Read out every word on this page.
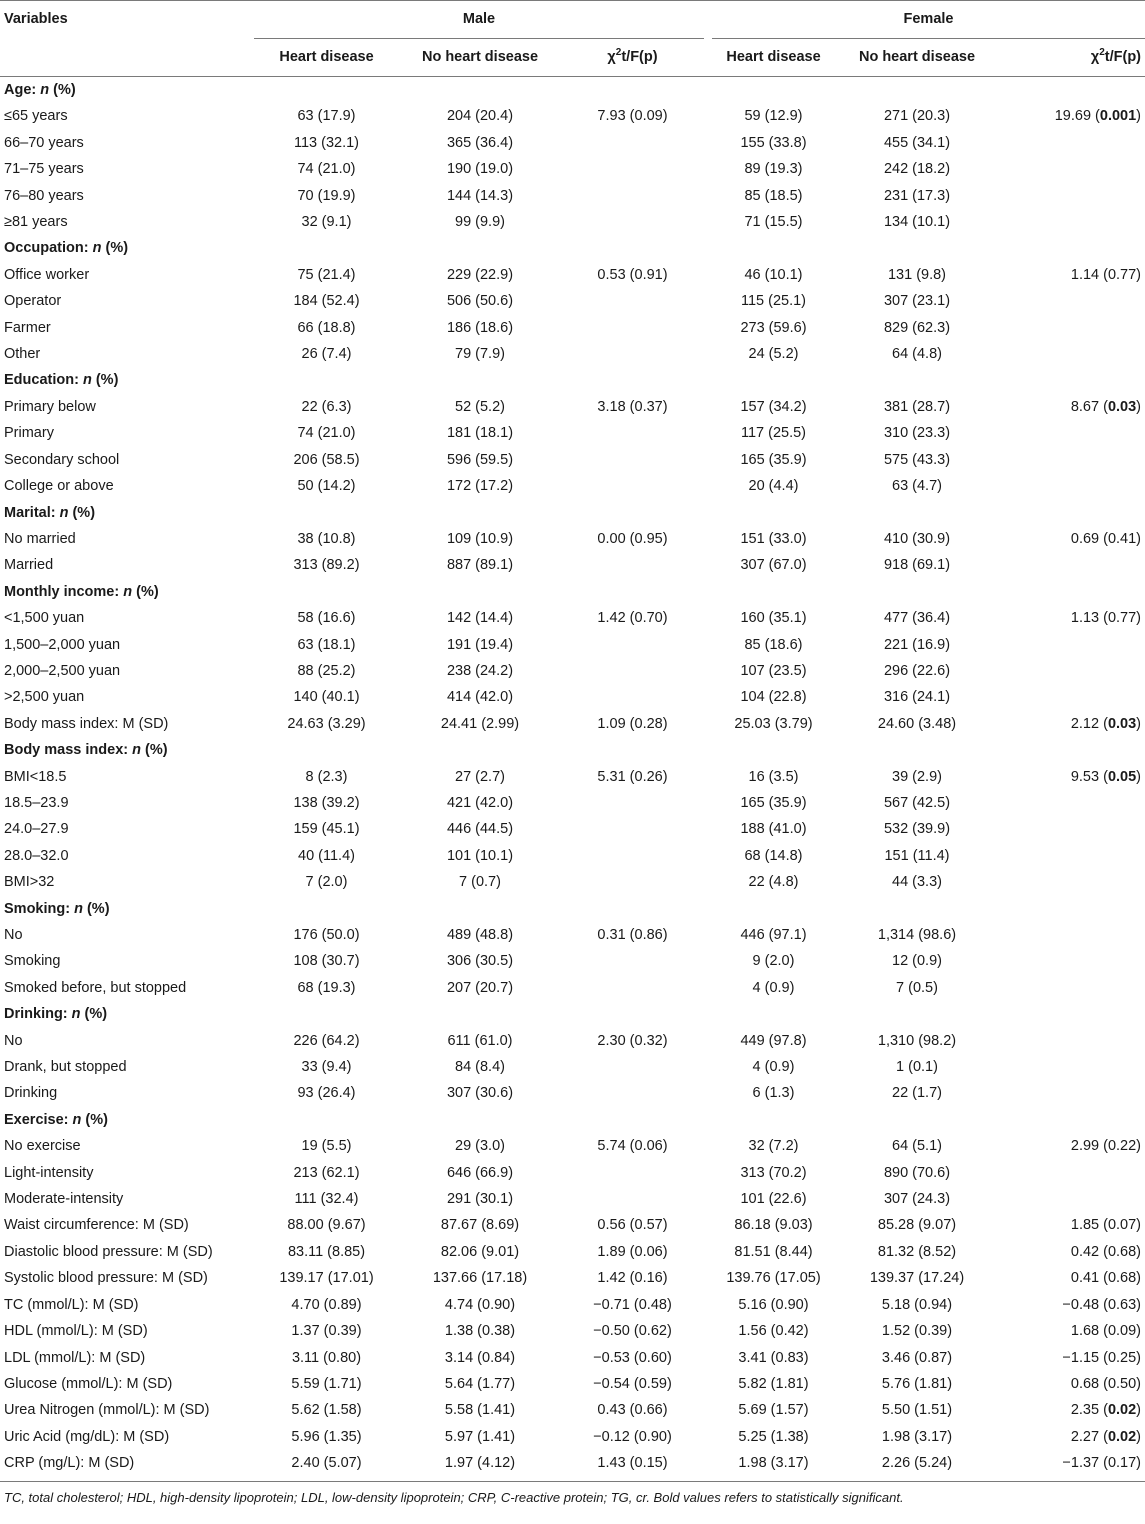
Variables	Male				Female		
	Heart disease	No heart disease	$\chi^2t/F(p)$		Heart disease	No heart disease	$\chi^2t/F(p)$
Age: n (%)							
≤65 years	63 (17.9)	204 (20.4)	7.93 (0.09)		59 (12.9)	271 (20.3)	19.69 (0.001)
66–70 years	113 (32.1)	365 (36.4)			155 (33.8)	455 (34.1)	
71–75 years	74 (21.0)	190 (19.0)			89 (19.3)	242 (18.2)	
76–80 years	70 (19.9)	144 (14.3)			85 (18.5)	231 (17.3)	
≥81 years	32 (9.1)	99 (9.9)			71 (15.5)	134 (10.1)	
Occupation: n (%)							
Office worker	75 (21.4)	229 (22.9)	0.53 (0.91)		46 (10.1)	131 (9.8)	1.14 (0.77)
Operator	184 (52.4)	506 (50.6)			115 (25.1)	307 (23.1)	
Farmer	66 (18.8)	186 (18.6)			273 (59.6)	829 (62.3)	
Other	26 (7.4)	79 (7.9)			24 (5.2)	64 (4.8)	
Education: n (%)							
Primary below	22 (6.3)	52 (5.2)	3.18 (0.37)		157 (34.2)	381 (28.7)	8.67 (0.03)
Primary	74 (21.0)	181 (18.1)			117 (25.5)	310 (23.3)	
Secondary school	206 (58.5)	596 (59.5)			165 (35.9)	575 (43.3)	
College or above	50 (14.2)	172 (17.2)			20 (4.4)	63 (4.7)	
Marital: n (%)							
No married	38 (10.8)	109 (10.9)	0.00 (0.95)		151 (33.0)	410 (30.9)	0.69 (0.41)
Married	313 (89.2)	887 (89.1)			307 (67.0)	918 (69.1)	
Monthly income: n (%)							
<1,500 yuan	58 (16.6)	142 (14.4)	1.42 (0.70)		160 (35.1)	477 (36.4)	1.13 (0.77)
1,500–2,000 yuan	63 (18.1)	191 (19.4)			85 (18.6)	221 (16.9)	
2,000–2,500 yuan	88 (25.2)	238 (24.2)			107 (23.5)	296 (22.6)	
>2,500 yuan	140 (40.1)	414 (42.0)			104 (22.8)	316 (24.1)	
Body mass index: M (SD)	24.63 (3.29)	24.41 (2.99)	1.09 (0.28)		25.03 (3.79)	24.60 (3.48)	2.12 (0.03)
Body mass index: n (%)							
BMI<18.5	8 (2.3)	27 (2.7)	5.31 (0.26)		16 (3.5)	39 (2.9)	9.53 (0.05)
18.5–23.9	138 (39.2)	421 (42.0)			165 (35.9)	567 (42.5)	
24.0–27.9	159 (45.1)	446 (44.5)			188 (41.0)	532 (39.9)	
28.0–32.0	40 (11.4)	101 (10.1)			68 (14.8)	151 (11.4)	
BMI>32	7 (2.0)	7 (0.7)			22 (4.8)	44 (3.3)	
Smoking: n (%)							
No	176 (50.0)	489 (48.8)	0.31 (0.86)		446 (97.1)	1,314 (98.6)	
Smoking	108 (30.7)	306 (30.5)			9 (2.0)	12 (0.9)	
Smoked before, but stopped	68 (19.3)	207 (20.7)			4 (0.9)	7 (0.5)	
Drinking: n (%)							
No	226 (64.2)	611 (61.0)	2.30 (0.32)		449 (97.8)	1,310 (98.2)	
Drank, but stopped	33 (9.4)	84 (8.4)			4 (0.9)	1 (0.1)	
Drinking	93 (26.4)	307 (30.6)			6 (1.3)	22 (1.7)	
Exercise: n (%)							
No exercise	19 (5.5)	29 (3.0)	5.74 (0.06)		32 (7.2)	64 (5.1)	2.99 (0.22)
Light-intensity	213 (62.1)	646 (66.9)			313 (70.2)	890 (70.6)	
Moderate-intensity	111 (32.4)	291 (30.1)			101 (22.6)	307 (24.3)	
Waist circumference: M (SD)	88.00 (9.67)	87.67 (8.69)	0.56 (0.57)		86.18 (9.03)	85.28 (9.07)	1.85 (0.07)
Diastolic blood pressure: M (SD)	83.11 (8.85)	82.06 (9.01)	1.89 (0.06)		81.51 (8.44)	81.32 (8.52)	0.42 (0.68)
Systolic blood pressure: M (SD)	139.17 (17.01)	137.66 (17.18)	1.42 (0.16)		139.76 (17.05)	139.37 (17.24)	0.41 (0.68)
TC (mmol/L): M (SD)	4.70 (0.89)	4.74 (0.90)	−0.71 (0.48)		5.16 (0.90)	5.18 (0.94)	−0.48 (0.63)
HDL (mmol/L): M (SD)	1.37 (0.39)	1.38 (0.38)	−0.50 (0.62)		1.56 (0.42)	1.52 (0.39)	1.68 (0.09)
LDL (mmol/L): M (SD)	3.11 (0.80)	3.14 (0.84)	−0.53 (0.60)		3.41 (0.83)	3.46 (0.87)	−1.15 (0.25)
Glucose (mmol/L): M (SD)	5.59 (1.71)	5.64 (1.77)	−0.54 (0.59)		5.82 (1.81)	5.76 (1.81)	0.68 (0.50)
Urea Nitrogen (mmol/L): M (SD)	5.62 (1.58)	5.58 (1.41)	0.43 (0.66)		5.69 (1.57)	5.50 (1.51)	2.35 (0.02)
Uric Acid (mg/dL): M (SD)	5.96 (1.35)	5.97 (1.41)	−0.12 (0.90)		5.25 (1.38)	1.98 (3.17)	2.27 (0.02)
CRP (mg/L): M (SD)	2.40 (5.07)	1.97 (4.12)	1.43 (0.15)		1.98 (3.17)	2.26 (5.24)	−1.37 (0.17)
TC, total cholesterol; HDL, high-density lipoprotein; LDL, low-density lipoprotein; CRP, C-reactive protein; TG, cr. Bold values refers to statistically significant.
